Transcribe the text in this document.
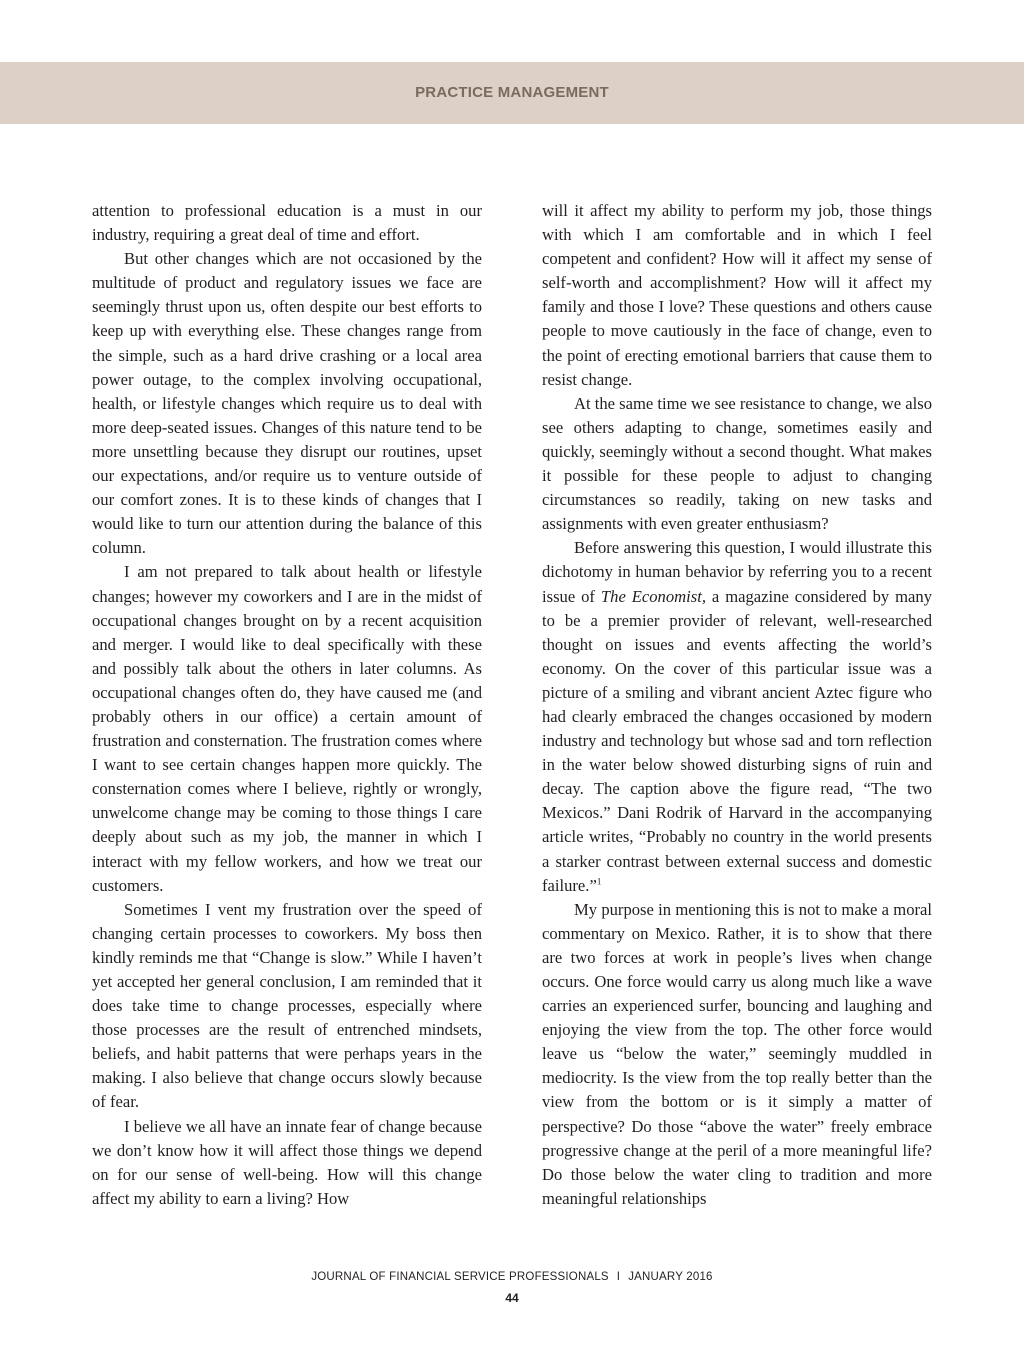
PRACTICE MANAGEMENT

attention to professional education is a must in our industry, requiring a great deal of time and effort.

But other changes which are not occasioned by the multitude of product and regulatory issues we face are seemingly thrust upon us, often despite our best efforts to keep up with everything else. These changes range from the simple, such as a hard drive crashing or a local area power outage, to the complex involving occupational, health, or lifestyle changes which require us to deal with more deep-seated issues. Changes of this nature tend to be more unsettling because they disrupt our routines, upset our expectations, and/or require us to venture outside of our comfort zones. It is to these kinds of changes that I would like to turn our attention during the balance of this column.

I am not prepared to talk about health or lifestyle changes; however my coworkers and I are in the midst of occupational changes brought on by a recent acquisition and merger. I would like to deal specifically with these and possibly talk about the others in later columns. As occupational changes often do, they have caused me (and probably others in our office) a certain amount of frustration and consternation. The frustration comes where I want to see certain changes happen more quickly. The consternation comes where I believe, rightly or wrongly, unwelcome change may be coming to those things I care deeply about such as my job, the manner in which I interact with my fellow workers, and how we treat our customers.

Sometimes I vent my frustration over the speed of changing certain processes to coworkers. My boss then kindly reminds me that “Change is slow.” While I haven’t yet accepted her general conclusion, I am reminded that it does take time to change processes, especially where those processes are the result of entrenched mindsets, beliefs, and habit patterns that were perhaps years in the making. I also believe that change occurs slowly because of fear.

I believe we all have an innate fear of change because we don’t know how it will affect those things we depend on for our sense of well-being. How will this change affect my ability to earn a living? How

will it affect my ability to perform my job, those things with which I am comfortable and in which I feel competent and confident? How will it affect my sense of self-worth and accomplishment? How will it affect my family and those I love? These questions and others cause people to move cautiously in the face of change, even to the point of erecting emotional barriers that cause them to resist change.

At the same time we see resistance to change, we also see others adapting to change, sometimes easily and quickly, seemingly without a second thought. What makes it possible for these people to adjust to changing circumstances so readily, taking on new tasks and assignments with even greater enthusiasm?

Before answering this question, I would illustrate this dichotomy in human behavior by referring you to a recent issue of The Economist, a magazine considered by many to be a premier provider of relevant, well-researched thought on issues and events affecting the world’s economy. On the cover of this particular issue was a picture of a smiling and vibrant ancient Aztec figure who had clearly embraced the changes occasioned by modern industry and technology but whose sad and torn reflection in the water below showed disturbing signs of ruin and decay. The caption above the figure read, “The two Mexicos.” Dani Rodrik of Harvard in the accompanying article writes, “Probably no country in the world presents a starker contrast between external success and domestic failure.”$^1$

My purpose in mentioning this is not to make a moral commentary on Mexico. Rather, it is to show that there are two forces at work in people’s lives when change occurs. One force would carry us along much like a wave carries an experienced surfer, bouncing and laughing and enjoying the view from the top. The other force would leave us “below the water,” seemingly muddled in mediocrity. Is the view from the top really better than the view from the bottom or is it simply a matter of perspective? Do those “above the water” freely embrace progressive change at the peril of a more meaningful life? Do those below the water cling to tradition and more meaningful relationships

JOURNAL OF FINANCIAL SERVICE PROFESSIONALS I JANUARY 2016
44
